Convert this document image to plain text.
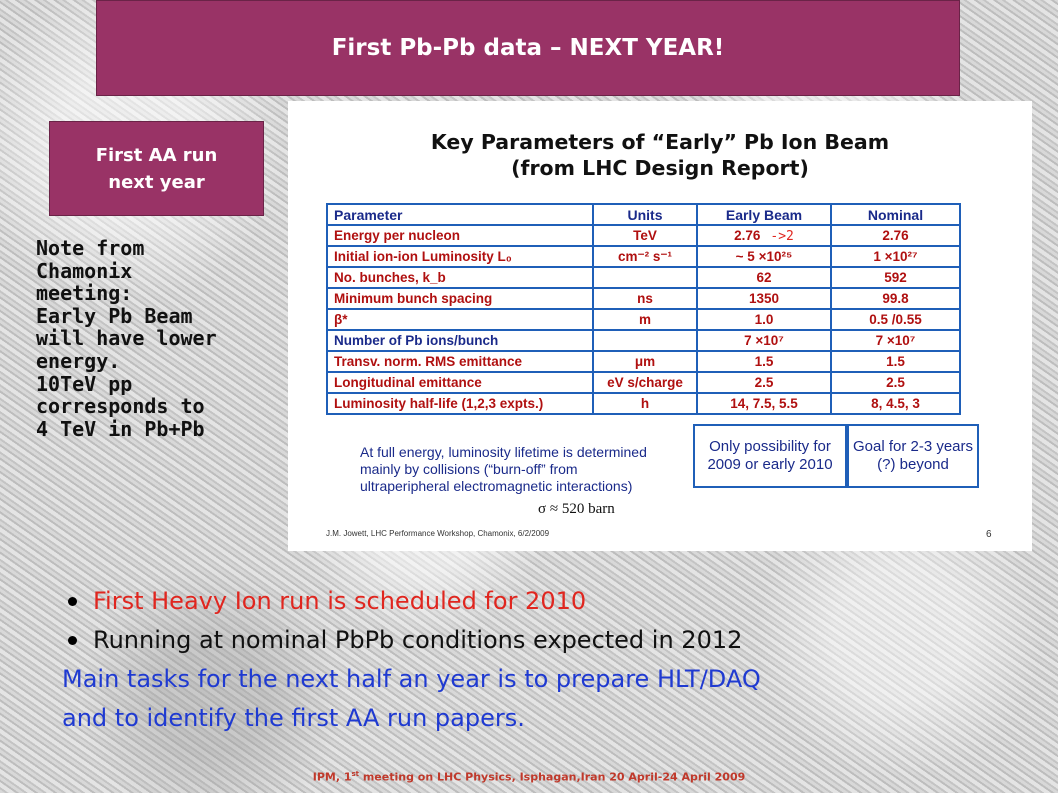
First Pb-Pb data – NEXT YEAR!
First AA run
next year
Note from
Chamonix
meeting:
Early Pb Beam
will have lower
energy.
10TeV pp
corresponds to
4 TeV in Pb+Pb
Key Parameters of “Early” Pb Ion Beam
(from LHC Design Report)
Parameter	Units	Early Beam	Nominal
Energy per nucleon	TeV	2.76 ->2	2.76
Initial ion-ion Luminosity L₀	cm⁻² s⁻¹	~ 5 ×10²⁵	1 ×10²⁷
No. bunches, k_b		62	592
Minimum bunch spacing	ns	1350	99.8
β*	m	1.0	0.5 /0.55
Number of Pb ions/bunch		7 ×10⁷	7 ×10⁷
Transv. norm. RMS emittance	μm	1.5	1.5
Longitudinal emittance	eV s/charge	2.5	2.5
Luminosity half-life (1,2,3 expts.)	h	14, 7.5, 5.5	8, 4.5, 3
Only possibility for 2009 or early 2010
Goal for 2-3 years (?) beyond
At full energy, luminosity lifetime is determined mainly by collisions (“burn-off” from ultraperipheral electromagnetic interactions)
σ ≈ 520 barn
J.M. Jowett, LHC Performance Workshop, Chamonix, 6/2/2009	6
First Heavy Ion run is scheduled for 2010
Running at nominal PbPb conditions expected in 2012
Main tasks for the next half an year is to prepare HLT/DAQ
and to identify the first AA run papers.
IPM, 1st meeting on LHC Physics, Isphagan,Iran 20 April-24 April 2009
